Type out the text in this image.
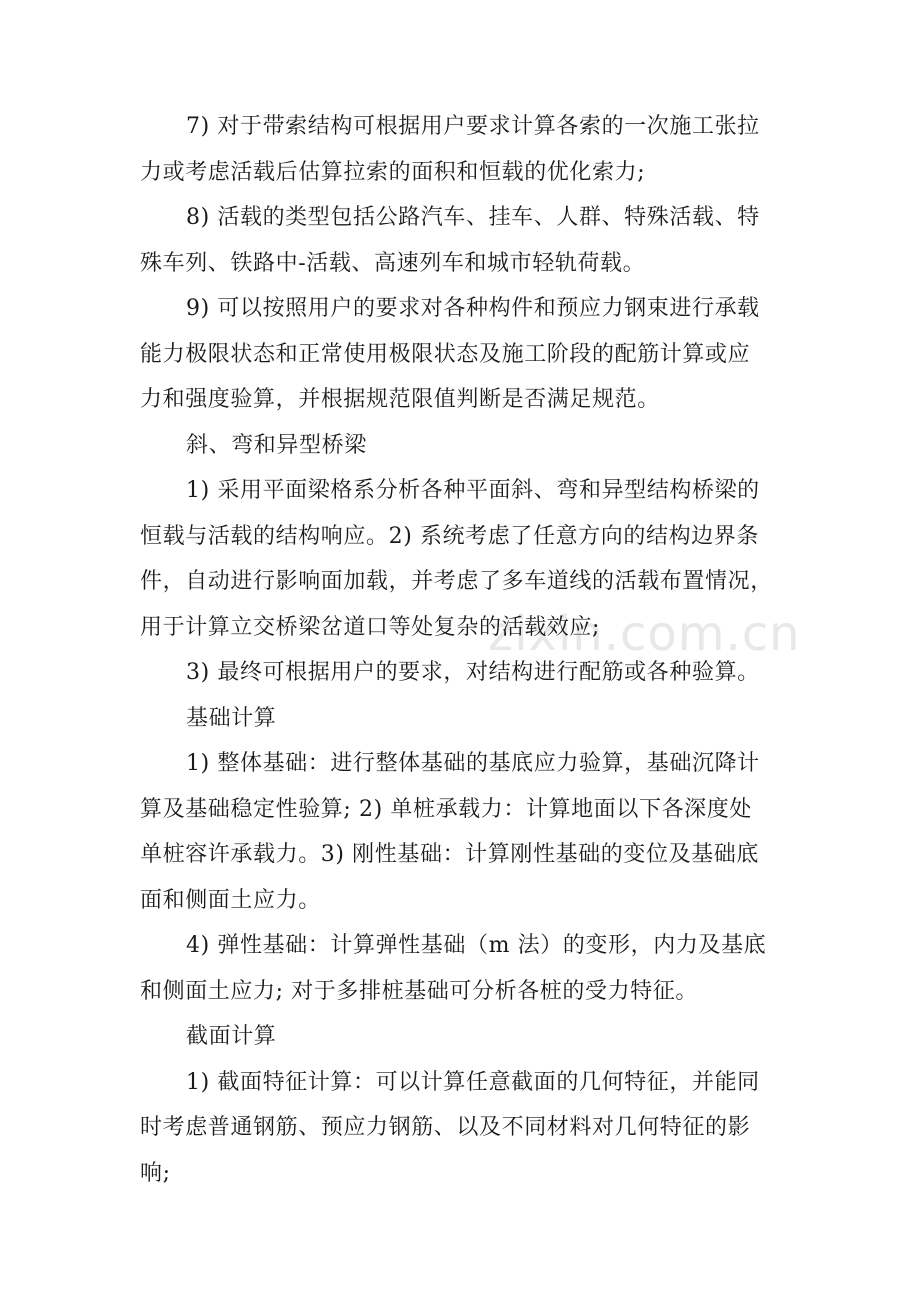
zixin.com.cn

7) 对于带索结构可根据用户要求计算各索的一次施工张拉
力或考虑活载后估算拉索的面积和恒载的优化索力;

8) 活载的类型包括公路汽车、挂车、人群、特殊活载、特
殊车列、铁路中-活载、高速列车和城市轻轨荷载。

9) 可以按照用户的要求对各种构件和预应力钢束进行承载
能力极限状态和正常使用极限状态及施工阶段的配筋计算或应
力和强度验算，并根据规范限值判断是否满足规范。

斜、弯和异型桥梁

1) 采用平面梁格系分析各种平面斜、弯和异型结构桥梁的
恒载与活载的结构响应。2) 系统考虑了任意方向的结构边界条
件，自动进行影响面加载，并考虑了多车道线的活载布置情况，
用于计算立交桥梁岔道口等处复杂的活载效应;

3) 最终可根据用户的要求，对结构进行配筋或各种验算。

基础计算

1) 整体基础：进行整体基础的基底应力验算，基础沉降计
算及基础稳定性验算; 2) 单桩承载力：计算地面以下各深度处
单桩容许承载力。3) 刚性基础：计算刚性基础的变位及基础底
面和侧面土应力。

4) 弹性基础：计算弹性基础（m 法）的变形，内力及基底
和侧面土应力; 对于多排桩基础可分析各桩的受力特征。

截面计算

1) 截面特征计算：可以计算任意截面的几何特征，并能同
时考虑普通钢筋、预应力钢筋、以及不同材料对几何特征的影
响;
